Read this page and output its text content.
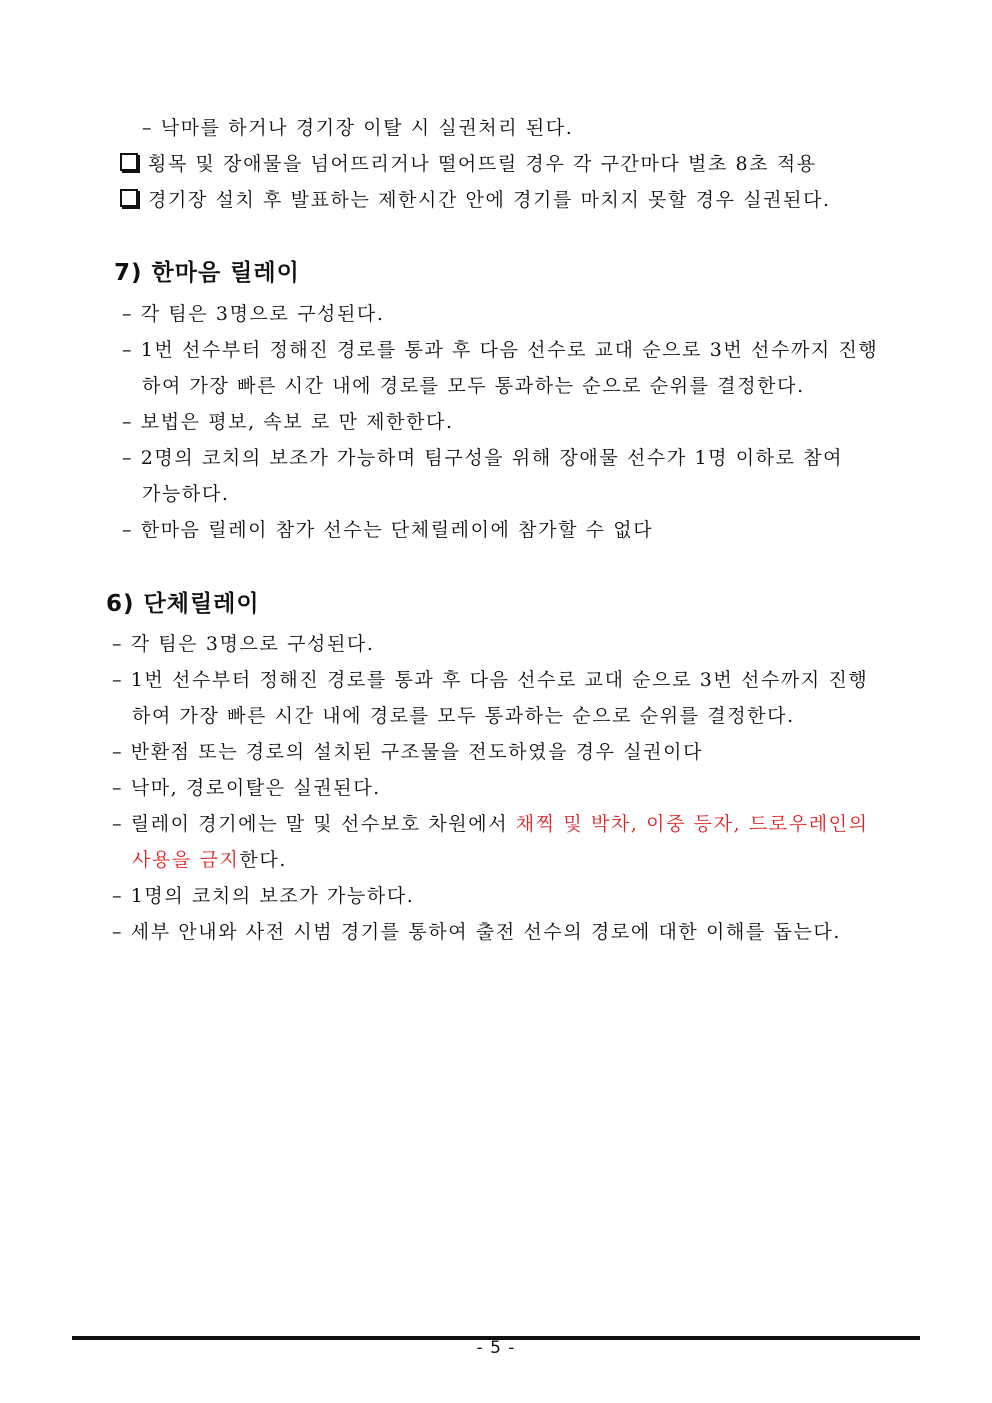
– 낙마를 하거나 경기장 이탈 시 실권처리 된다.
횡목 및 장애물을 넘어뜨리거나 떨어뜨릴 경우 각 구간마다 벌초 8초 적용
경기장 설치 후 발표하는 제한시간 안에 경기를 마치지 못할 경우 실권된다.
7) 한마음 릴레이
– 각 팀은 3명으로 구성된다.
– 1번 선수부터 정해진 경로를 통과 후 다음 선수로 교대 순으로 3번 선수까지 진행
하여 가장 빠른 시간 내에 경로를 모두 통과하는 순으로 순위를 결정한다.
– 보법은 평보, 속보 로 만 제한한다.
– 2명의 코치의 보조가 가능하며 팀구성을 위해 장애물 선수가 1명 이하로 참여
가능하다.
– 한마음 릴레이 참가 선수는 단체릴레이에 참가할 수 없다
6) 단체릴레이
– 각 팀은 3명으로 구성된다.
– 1번 선수부터 정해진 경로를 통과 후 다음 선수로 교대 순으로 3번 선수까지 진행
하여 가장 빠른 시간 내에 경로를 모두 통과하는 순으로 순위를 결정한다.
– 반환점 또는 경로의 설치된 구조물을 전도하였을 경우 실권이다
– 낙마, 경로이탈은 실권된다.
– 릴레이 경기에는 말 및 선수보호 차원에서 채찍 및 박차, 이중 등자, 드로우레인의
사용을 금지한다.
– 1명의 코치의 보조가 가능하다.
– 세부 안내와 사전 시범 경기를 통하여 출전 선수의 경로에 대한 이해를 돕는다.
- 5 -
